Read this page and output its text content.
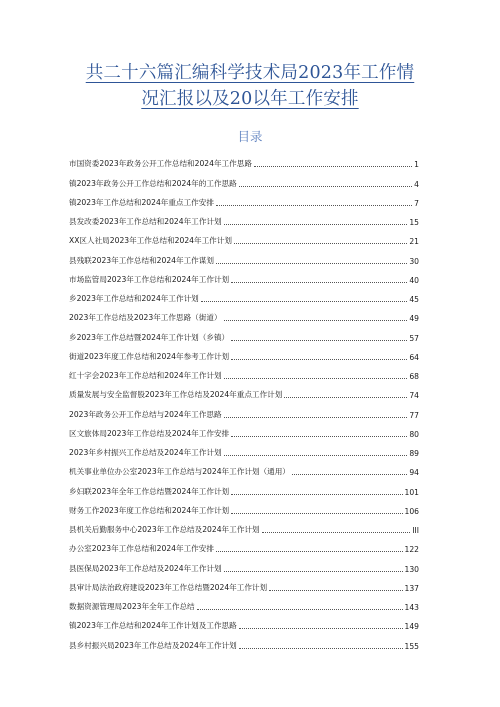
共二十六篇汇编科学技术局2023年工作情
况汇报以及20以年工作安排
目录
市国资委2023年政务公开工作总结和2024年工作思路	1
镇2023年政务公开工作总结和2024年的工作思路	4
镇2023年工作总结和2024年重点工作安排	7
县发改委2023年工作总结和2024年工作计划	15
XX区人社局2023年工作总结和2024年工作计划	21
县残联2023年工作总结和2024年工作谋划	30
市场监管局2023年工作总结和2024年工作计划	40
乡2023年工作总结和2024年工作计划	45
2023年工作总结及2023年工作思路（街道）	49
乡2023年工作总结暨2024年工作计划（乡镇）	57
街道2023年度工作总结和2024年参考工作计划	64
红十字会2023年工作总结和2024年工作计划	68
质量发展与安全监督股2023年工作总结及2024年重点工作计划	74
2023年政务公开工作总结与2024年工作思路	77
区文旅体局2023年工作总结及2024年工作安排	80
2023年乡村振兴工作总结及2024年工作计划	89
机关事业单位办公室2023年工作总结与2024年工作计划（通用）	94
乡妇联2023年全年工作总结暨2024年工作计划	101
财务工作2023年度工作总结和2024年工作计划	106
县机关后勤服务中心2023年工作总结及2024年工作计划	III
办公室2023年工作总结和2024年工作安排	122
县医保局2023年工作总结及2024年工作计划	130
县审计局法治政府建设2023年工作总结暨2024年工作计划	137
数据资源管理局2023年全年工作总结	143
镇2023年工作总结和2024年工作计划及工作思路	149
县乡村振兴局2023年工作总结及2024年工作计划	155
